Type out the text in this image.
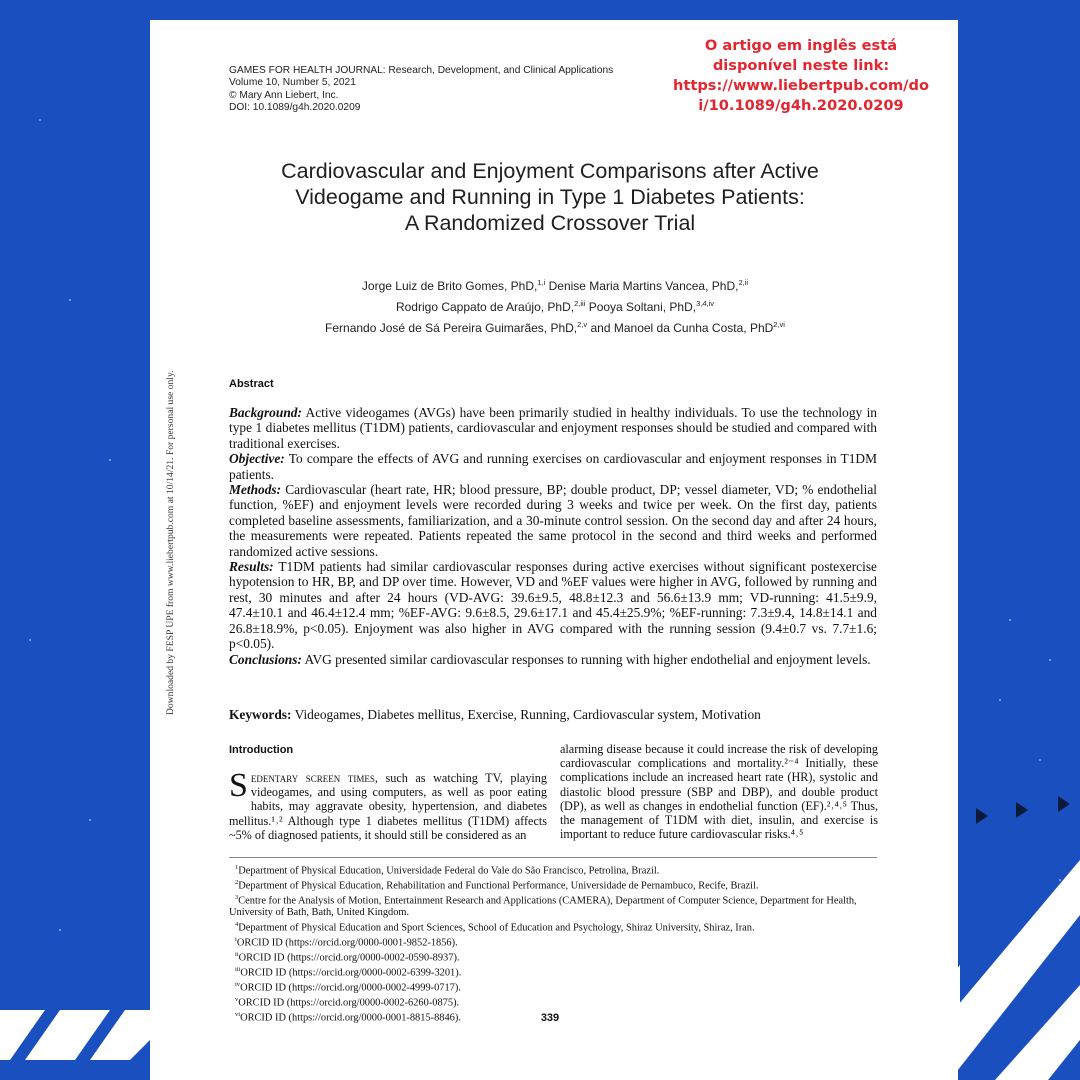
GAMES FOR HEALTH JOURNAL: Research, Development, and Clinical Applications
Volume 10, Number 5, 2021
© Mary Ann Liebert, Inc.
DOI: 10.1089/g4h.2020.0209
O artigo em inglês está
disponível neste link:
https://www.liebertpub.com/do
i/10.1089/g4h.2020.0209
Cardiovascular and Enjoyment Comparisons after Active
Videogame and Running in Type 1 Diabetes Patients:
A Randomized Crossover Trial
Jorge Luiz de Brito Gomes, PhD,$^{1,i}$ Denise Maria Martins Vancea, PhD,$^{2,ii}$
Rodrigo Cappato de Araújo, PhD,$^{2,iii}$ Pooya Soltani, PhD,$^{3,4,iv}$
Fernando José de Sá Pereira Guimarães, PhD,$^{2,v}$ and Manoel da Cunha Costa, PhD$^{2,vi}$
Downloaded by FESP UPE from www.liebertpub.com at 10/14/21. For personal use only.	Abstract

Background: Active videogames (AVGs) have been primarily studied in healthy individuals. To use the technology in type 1 diabetes mellitus (T1DM) patients, cardiovascular and enjoyment responses should be studied and compared with traditional exercises.

Objective: To compare the effects of AVG and running exercises on cardiovascular and enjoyment responses in T1DM patients.

Methods: Cardiovascular (heart rate, HR; blood pressure, BP; double product, DP; vessel diameter, VD; % endothelial function, %EF) and enjoyment levels were recorded during 3 weeks and twice per week. On the first day, patients completed baseline assessments, familiarization, and a 30-minute control session. On the second day and after 24 hours, the measurements were repeated. Patients repeated the same protocol in the second and third weeks and performed randomized active sessions.

Results: T1DM patients had similar cardiovascular responses during active exercises without significant postexercise hypotension to HR, BP, and DP over time. However, VD and %EF values were higher in AVG, followed by running and rest, 30 minutes and after 24 hours (VD-AVG: 39.6±9.5, 48.8±12.3 and 56.6±13.9 mm; VD-running: 41.5±9.9, 47.4±10.1 and 46.4±12.4 mm; %EF-AVG: 9.6±8.5, 29.6±17.1 and 45.4±25.9%; %EF-running: 7.3±9.4, 14.8±14.1 and 26.8±18.9%, p<0.05). Enjoyment was also higher in AVG compared with the running session (9.4±0.7 vs. 7.7±1.6; p<0.05).

Conclusions: AVG presented similar cardiovascular responses to running with higher endothelial and enjoyment levels.

Keywords: Videogames, Diabetes mellitus, Exercise, Running, Cardiovascular system, Motivation
Introduction
Sedentary screen times, such as watching TV, playing videogames, and using computers, as well as poor eating habits, may aggravate obesity, hypertension, and diabetes mellitus.¹˒² Although type 1 diabetes mellitus (T1DM) affects ~5% of diagnosed patients, it should still be considered as an
alarming disease because it could increase the risk of developing cardiovascular complications and mortality.²⁻⁴ Initially, these complications include an increased heart rate (HR), systolic and diastolic blood pressure (SBP and DBP), and double product (DP), as well as changes in endothelial function (EF).²˒⁴˒⁵ Thus, the management of T1DM with diet, insulin, and exercise is important to reduce future cardiovascular risks.⁴˒⁵
$^1$Department of Physical Education, Universidade Federal do Vale do São Francisco, Petrolina, Brazil.
$^2$Department of Physical Education, Rehabilitation and Functional Performance, Universidade de Pernambuco, Recife, Brazil.
$^3$Centre for the Analysis of Motion, Entertainment Research and Applications (CAMERA), Department of Computer Science, Department for Health, University of Bath, Bath, United Kingdom.
$^4$Department of Physical Education and Sport Sciences, School of Education and Psychology, Shiraz University, Shiraz, Iran.
$^i$ORCID ID (https://orcid.org/0000-0001-9852-1856).
$^{ii}$ORCID ID (https://orcid.org/0000-0002-0590-8937).
$^{iii}$ORCID ID (https://orcid.org/0000-0002-6399-3201).
$^{iv}$ORCID ID (https://orcid.org/0000-0002-4999-0717).
$^v$ORCID ID (https://orcid.org/0000-0002-6260-0875).
$^{vi}$ORCID ID (https://orcid.org/0000-0001-8815-8846).	339
